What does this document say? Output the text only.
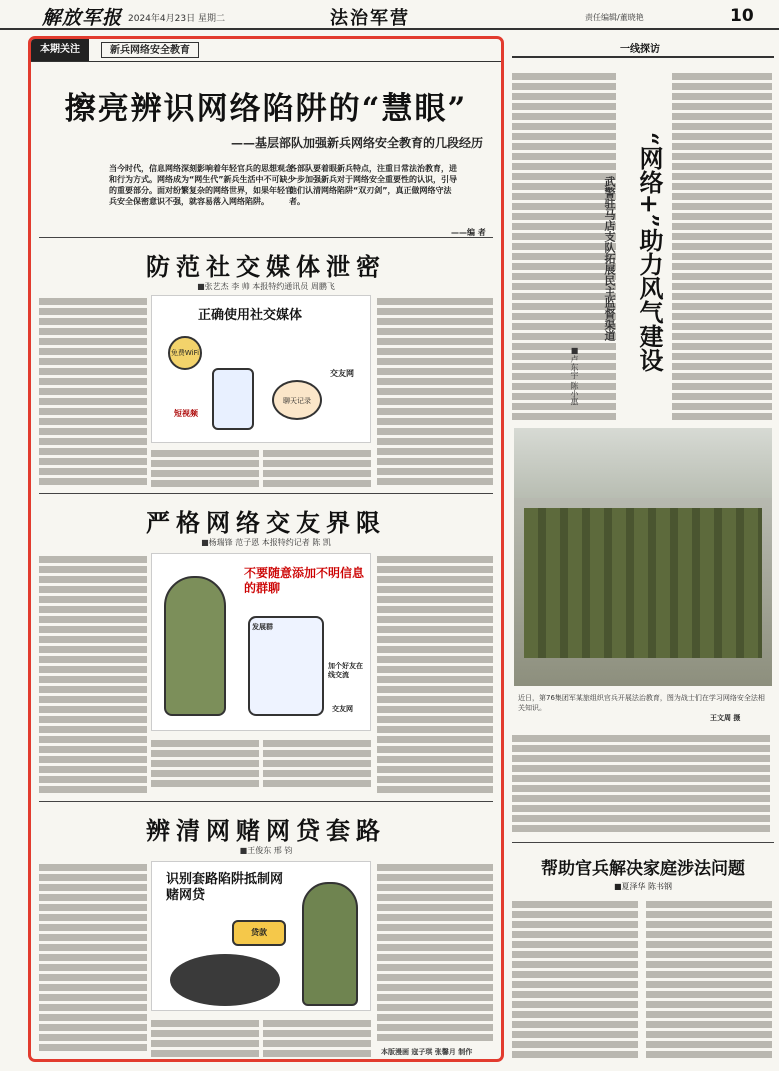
解放军报 2024年4月23日 星期二	法治军营	责任编辑/董晓艳	10
本期关注	新兵网络安全教育
擦亮辨识网络陷阱的“慧眼”
——基层部队加强新兵网络安全教育的几段经历
当今时代，信息网络深刻影响着年轻官兵的思想观念和行为方式。网络成为“网生代”新兵生活中不可缺少的重要部分。面对纷繁复杂的网络世界，如果年轻官兵安全保密意识不强，就容易落入网络陷阱。
各部队要着眼新兵特点，注重日常法治教育，进一步加强新兵对于网络安全重要性的认识，引导他们认清网络陷阱“双刃剑”，真正做网络守法者。
——编 者
防范社交媒体泄密
■张艺杰 李 帅 本报特约通讯员 周鹏飞
正确使用社交媒体
免费WiFi
聊天记录
短视频
交友网
严格网络交友界限
■杨瑞锋 范子恩 本报特约记者 陈 凯
不要随意添加不明信息的群聊
发展群
加个好友在线交流
交友网
辨清网赌网贷套路
■王俊东 邢 钧
识别套路陷阱抵制网赌网贷
贷款
本版漫画 寇子琪 张馨月 制作
一线探访
“网络+”助力风气建设
武警驻马店支队拓展民主监督渠道
■卢东宇 陈小惠
近日，第76集团军某旅组织官兵开展法治教育，图为战士们在学习网络安全法相关知识。
王文周 摄
帮助官兵解决家庭涉法问题
■夏泽华 陈书钢
